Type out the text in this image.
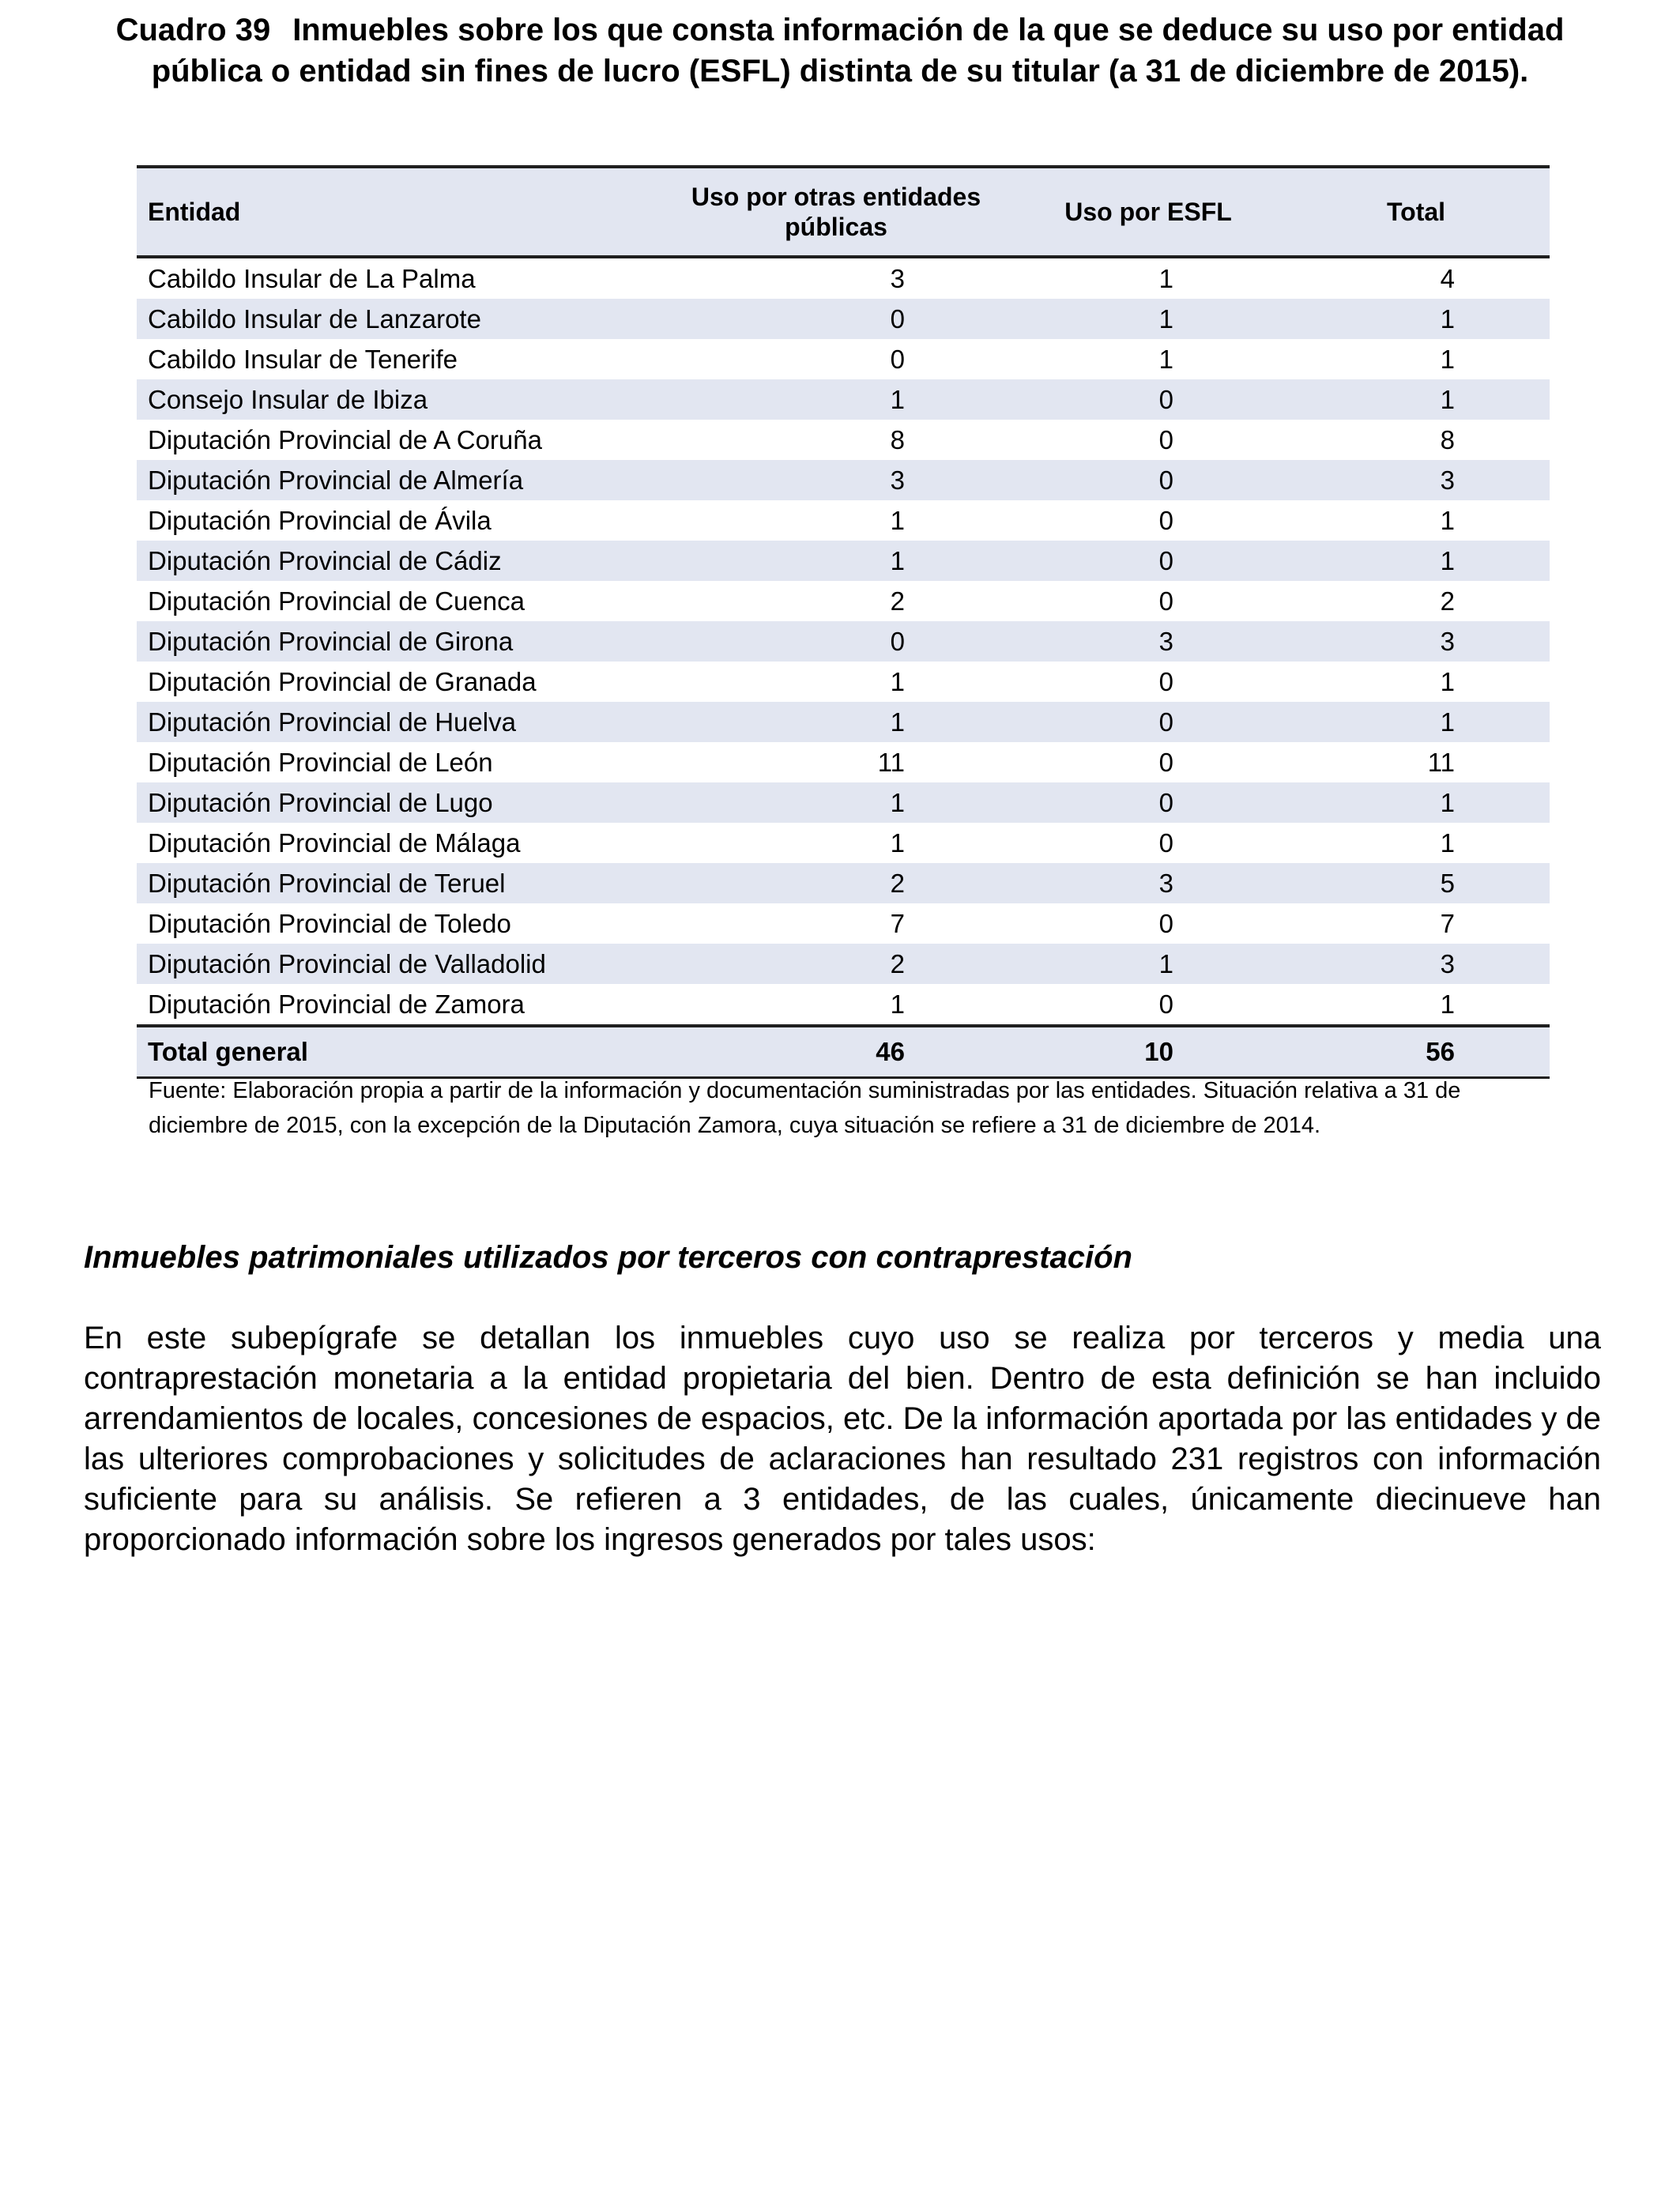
Cuadro 39 Inmuebles sobre los que consta información de la que se deduce su uso por entidad pública o entidad sin fines de lucro (ESFL) distinta de su titular (a 31 de diciembre de 2015).
Entidad	Uso por otras entidades públicas	Uso por ESFL	Total
Cabildo Insular de La Palma	3	1	4
Cabildo Insular de Lanzarote	0	1	1
Cabildo Insular de Tenerife	0	1	1
Consejo Insular de Ibiza	1	0	1
Diputación Provincial de A Coruña	8	0	8
Diputación Provincial de Almería	3	0	3
Diputación Provincial de Ávila	1	0	1
Diputación Provincial de Cádiz	1	0	1
Diputación Provincial de Cuenca	2	0	2
Diputación Provincial de Girona	0	3	3
Diputación Provincial de Granada	1	0	1
Diputación Provincial de Huelva	1	0	1
Diputación Provincial de León	11	0	11
Diputación Provincial de Lugo	1	0	1
Diputación Provincial de Málaga	1	0	1
Diputación Provincial de Teruel	2	3	5
Diputación Provincial de Toledo	7	0	7
Diputación Provincial de Valladolid	2	1	3
Diputación Provincial de Zamora	1	0	1
Total general	46	10	56
Fuente: Elaboración propia a partir de la información y documentación suministradas por las entidades. Situación relativa a 31 de diciembre de 2015, con la excepción de la Diputación Zamora, cuya situación se refiere a 31 de diciembre de 2014.
Inmuebles patrimoniales utilizados por terceros con contraprestación
En este subepígrafe se detallan los inmuebles cuyo uso se realiza por terceros y media una contraprestación monetaria a la entidad propietaria del bien. Dentro de esta definición se han incluido arrendamientos de locales, concesiones de espacios, etc. De la información aportada por las entidades y de las ulteriores comprobaciones y solicitudes de aclaraciones han resultado 231 registros con información suficiente para su análisis. Se refieren a 3 entidades, de las cuales, únicamente diecinueve han proporcionado información sobre los ingresos generados por tales usos:
